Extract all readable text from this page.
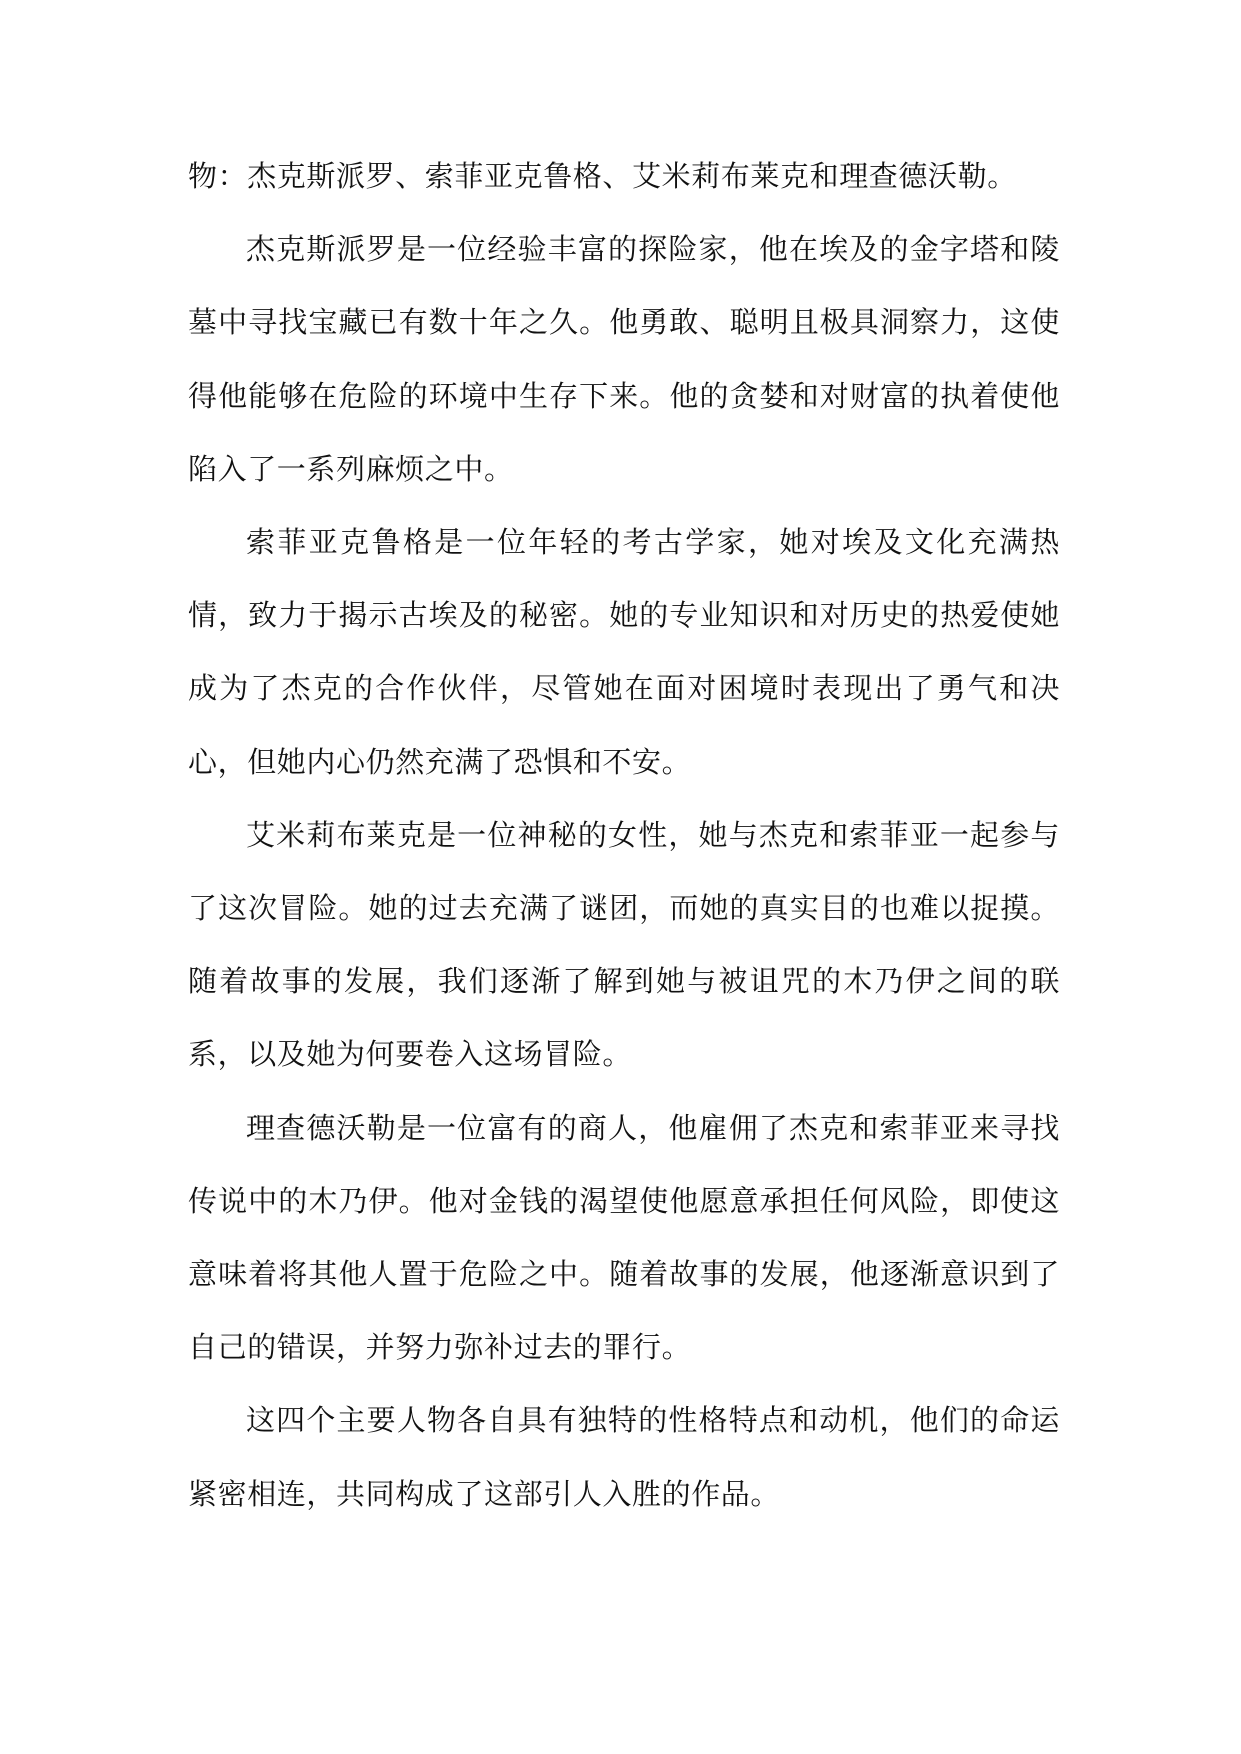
物：杰克斯派罗、索菲亚克鲁格、艾米莉布莱克和理查德沃勒。

杰克斯派罗是一位经验丰富的探险家，他在埃及的金字塔和陵墓中寻找宝藏已有数十年之久。他勇敢、聪明且极具洞察力，这使得他能够在危险的环境中生存下来。他的贪婪和对财富的执着使他陷入了一系列麻烦之中。

索菲亚克鲁格是一位年轻的考古学家，她对埃及文化充满热情，致力于揭示古埃及的秘密。她的专业知识和对历史的热爱使她成为了杰克的合作伙伴，尽管她在面对困境时表现出了勇气和决心，但她内心仍然充满了恐惧和不安。

艾米莉布莱克是一位神秘的女性，她与杰克和索菲亚一起参与了这次冒险。她的过去充满了谜团，而她的真实目的也难以捉摸。随着故事的发展，我们逐渐了解到她与被诅咒的木乃伊之间的联系，以及她为何要卷入这场冒险。

理查德沃勒是一位富有的商人，他雇佣了杰克和索菲亚来寻找传说中的木乃伊。他对金钱的渴望使他愿意承担任何风险，即使这意味着将其他人置于危险之中。随着故事的发展，他逐渐意识到了自己的错误，并努力弥补过去的罪行。

这四个主要人物各自具有独特的性格特点和动机，他们的命运紧密相连，共同构成了这部引人入胜的作品。
